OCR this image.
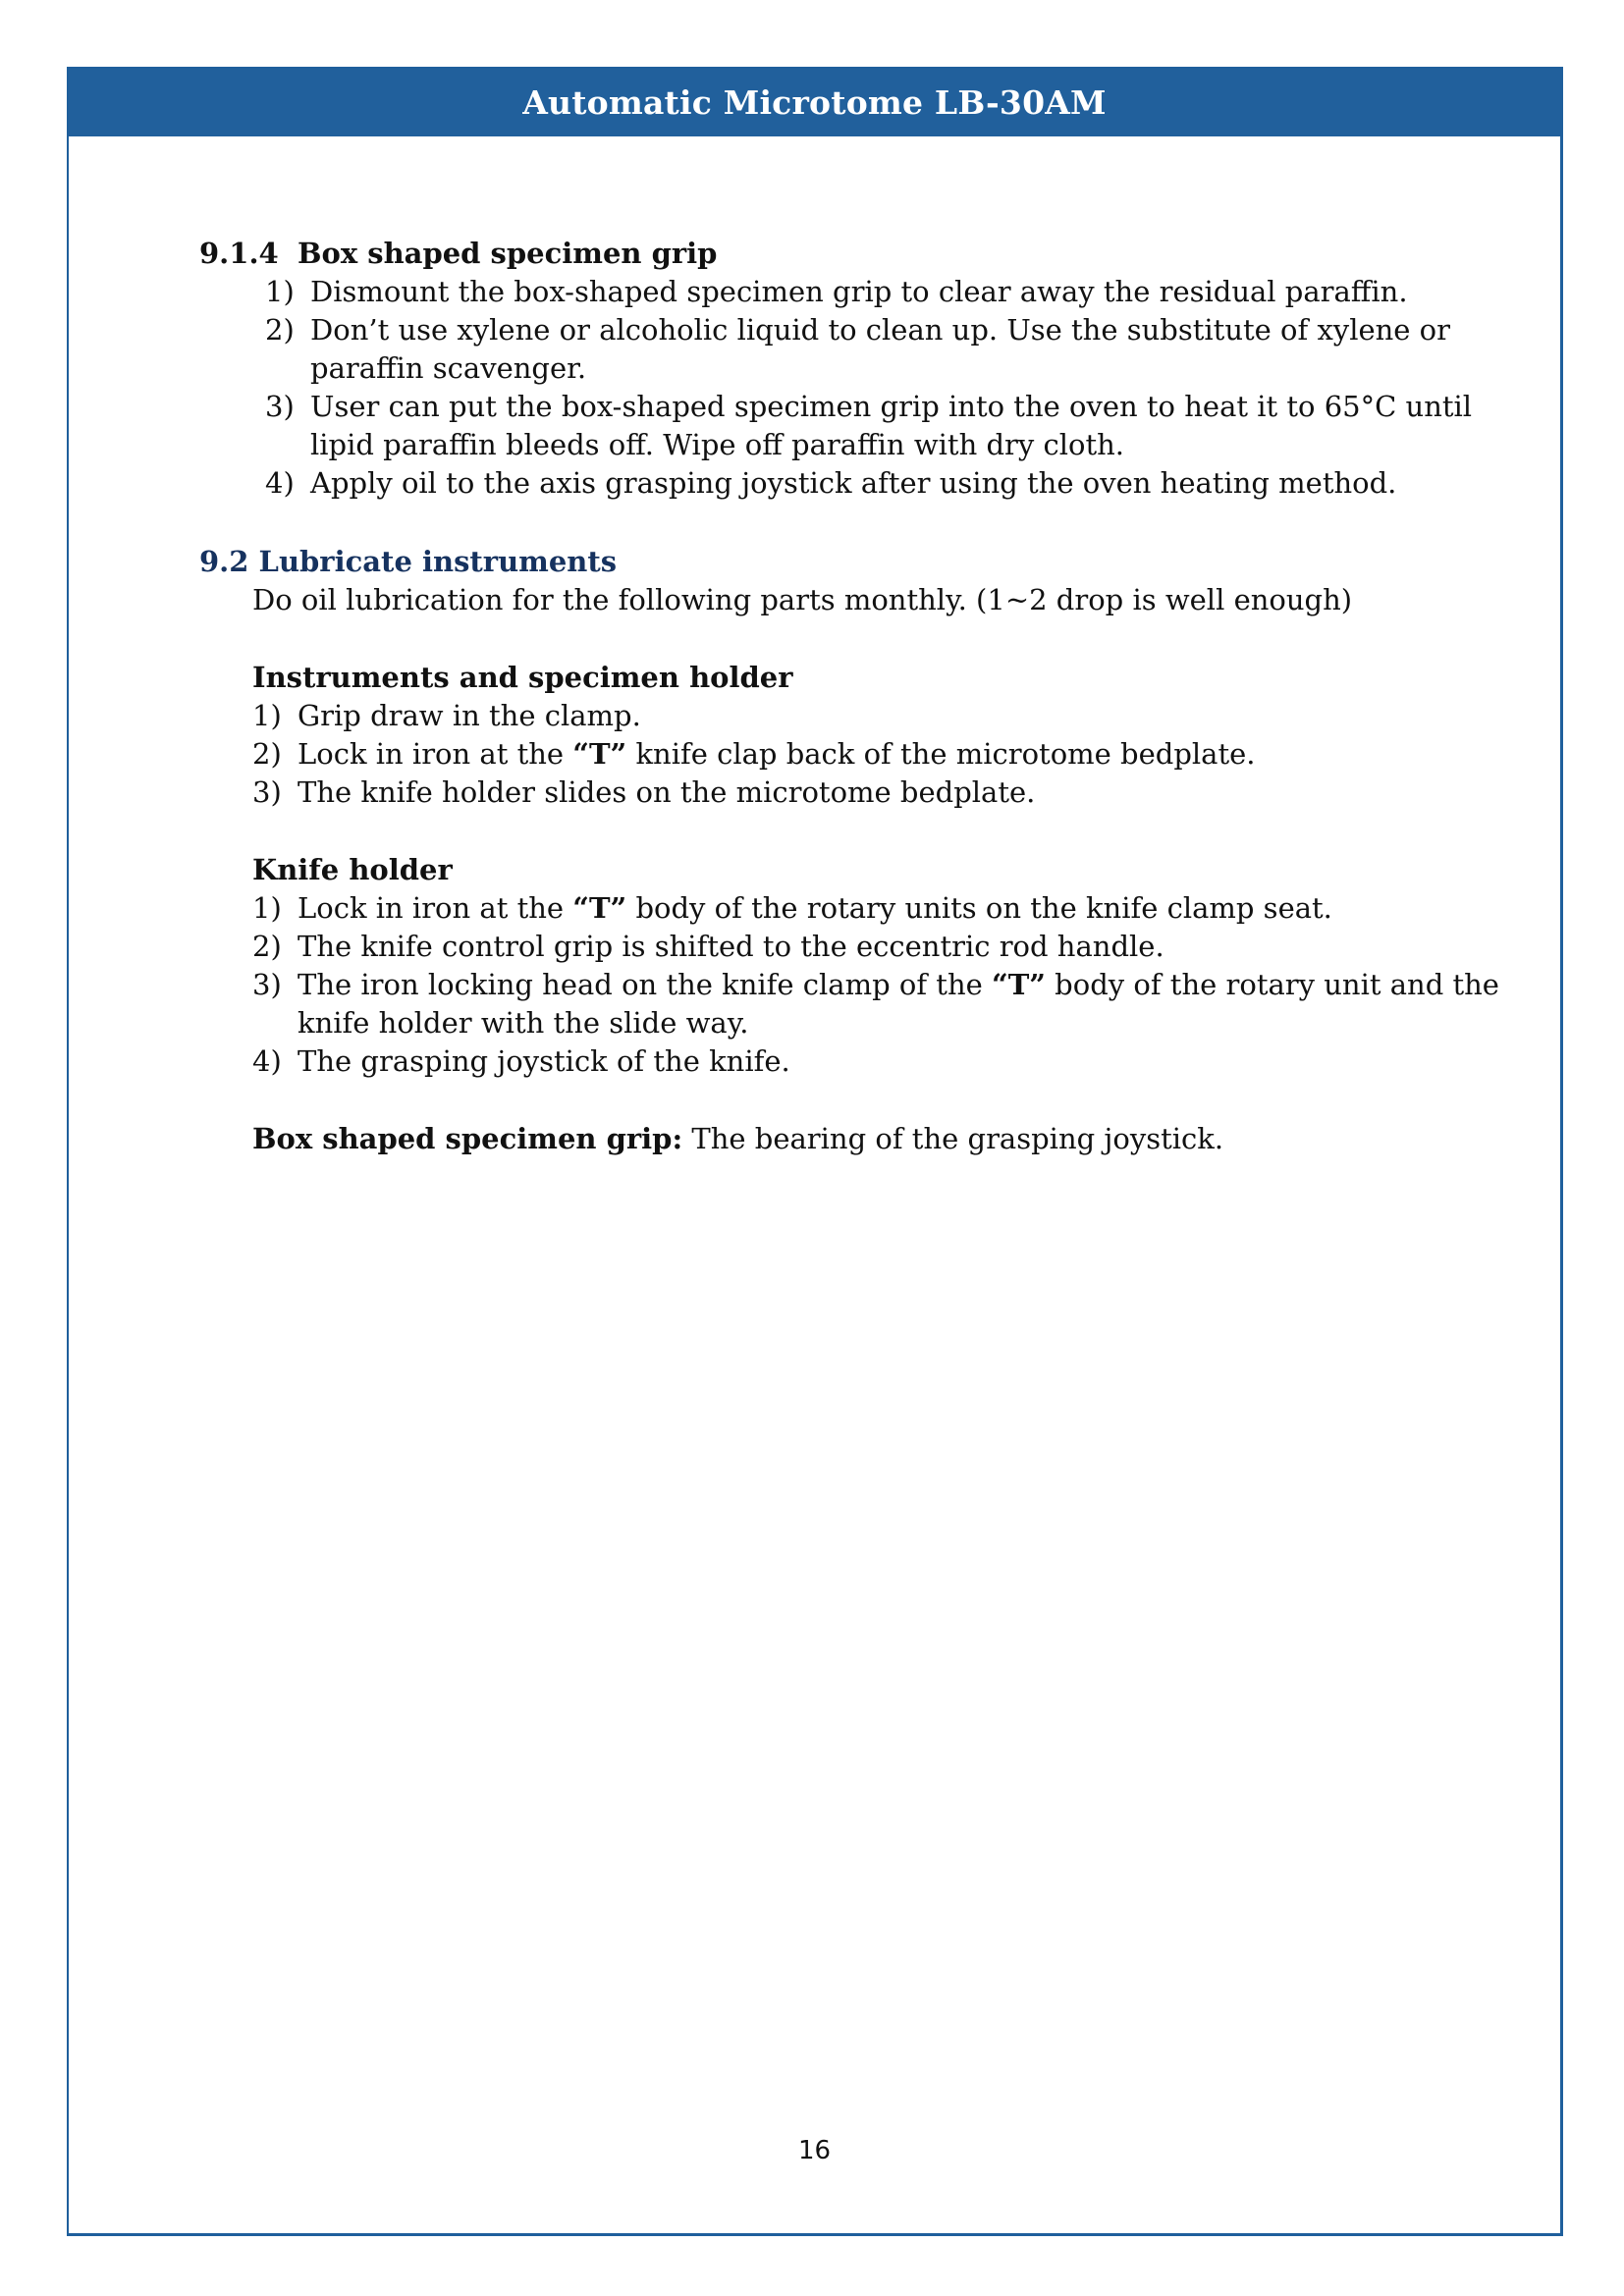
Automatic Microtome LB-30AM
9.1.4 Box shaped specimen grip
1) Dismount the box-shaped specimen grip to clear away the residual paraffin.
2) Don’t use xylene or alcoholic liquid to clean up. Use the substitute of xylene or
paraffin scavenger.
3) User can put the box-shaped specimen grip into the oven to heat it to 65°C until
lipid paraffin bleeds off. Wipe off paraffin with dry cloth.
4) Apply oil to the axis grasping joystick after using the oven heating method.
9.2 Lubricate instruments
Do oil lubrication for the following parts monthly. (1~2 drop is well enough)
Instruments and specimen holder
1) Grip draw in the clamp.
2) Lock in iron at the “T” knife clap back of the microtome bedplate.
3) The knife holder slides on the microtome bedplate.
Knife holder
1) Lock in iron at the “T” body of the rotary units on the knife clamp seat.
2) The knife control grip is shifted to the eccentric rod handle.
3) The iron locking head on the knife clamp of the “T” body of the rotary unit and the
knife holder with the slide way.
4) The grasping joystick of the knife.
Box shaped specimen grip: The bearing of the grasping joystick.
16
